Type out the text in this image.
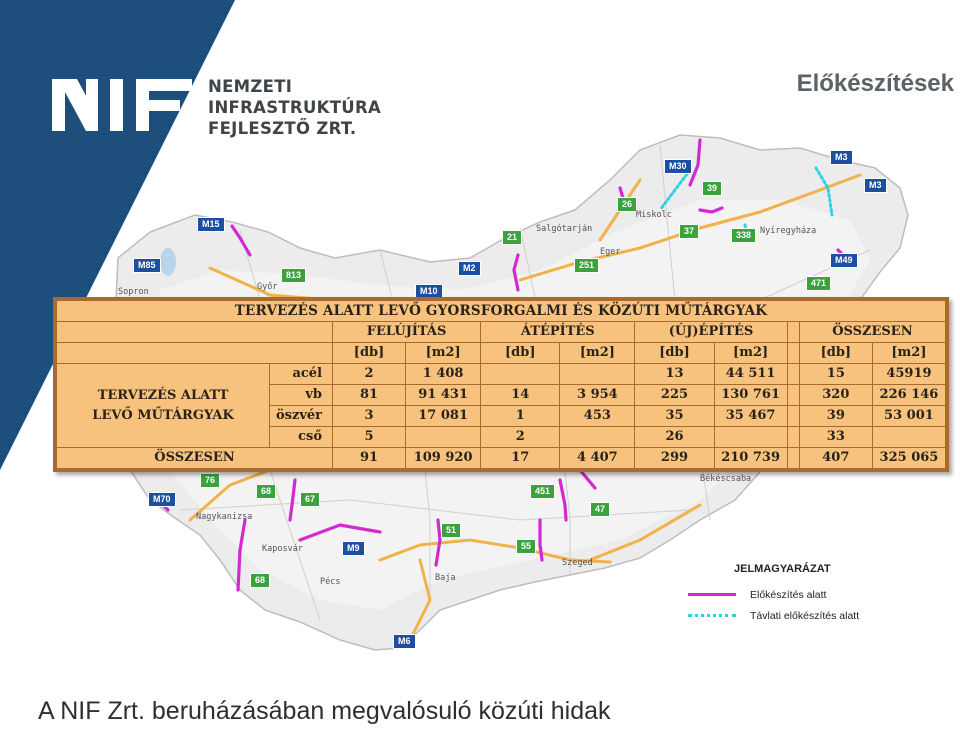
M30
M3
M3
M15
M85	M2
M10
M49
M70
M9
M6
39
26
37	338
21
251
813
471
76
68
67
451
47
51
55
68
Sopron
Miskolc
Salgótarján
Eger
Nyíregyháza
Nagykanizsa
Kaposvár
Pécs	Baja
Szeged
Békéscsaba
Győr
NEMZETI
INFRASTRUKTÚRA
FEJLESZTŐ ZRT.
Előkészítések
JELMAGYARÁZAT
Előkészítés alatt
Távlati előkészítés alatt
TERVEZÉS ALATT LEVŐ GYORSFORGALMI ÉS KÖZÚTI MŰTÁRGYAK										
		FELÚJÍTÁS		ÁTÉPÍTÉS		(ÚJ)ÉPÍTÉS			ÖSSZESEN	
		[db]	[m2]	[db]	[m2]	[db]	[m2]		[db]	[m2]
TERVEZÉS ALATT
LEVŐ MŰTÁRGYAK	acél	2	1 408			13	44 511		15	45919
	vb	81	91 431	14	3 954	225	130 761		320	226 146
	öszvér	3	17 081	1	453	35	35 467		39	53 001
	cső	5		2		26			33	
ÖSSZESEN		91	109 920	17	4 407	299	210 739		407	325 065
A NIF Zrt. beruházásában megvalósuló közúti hidak
